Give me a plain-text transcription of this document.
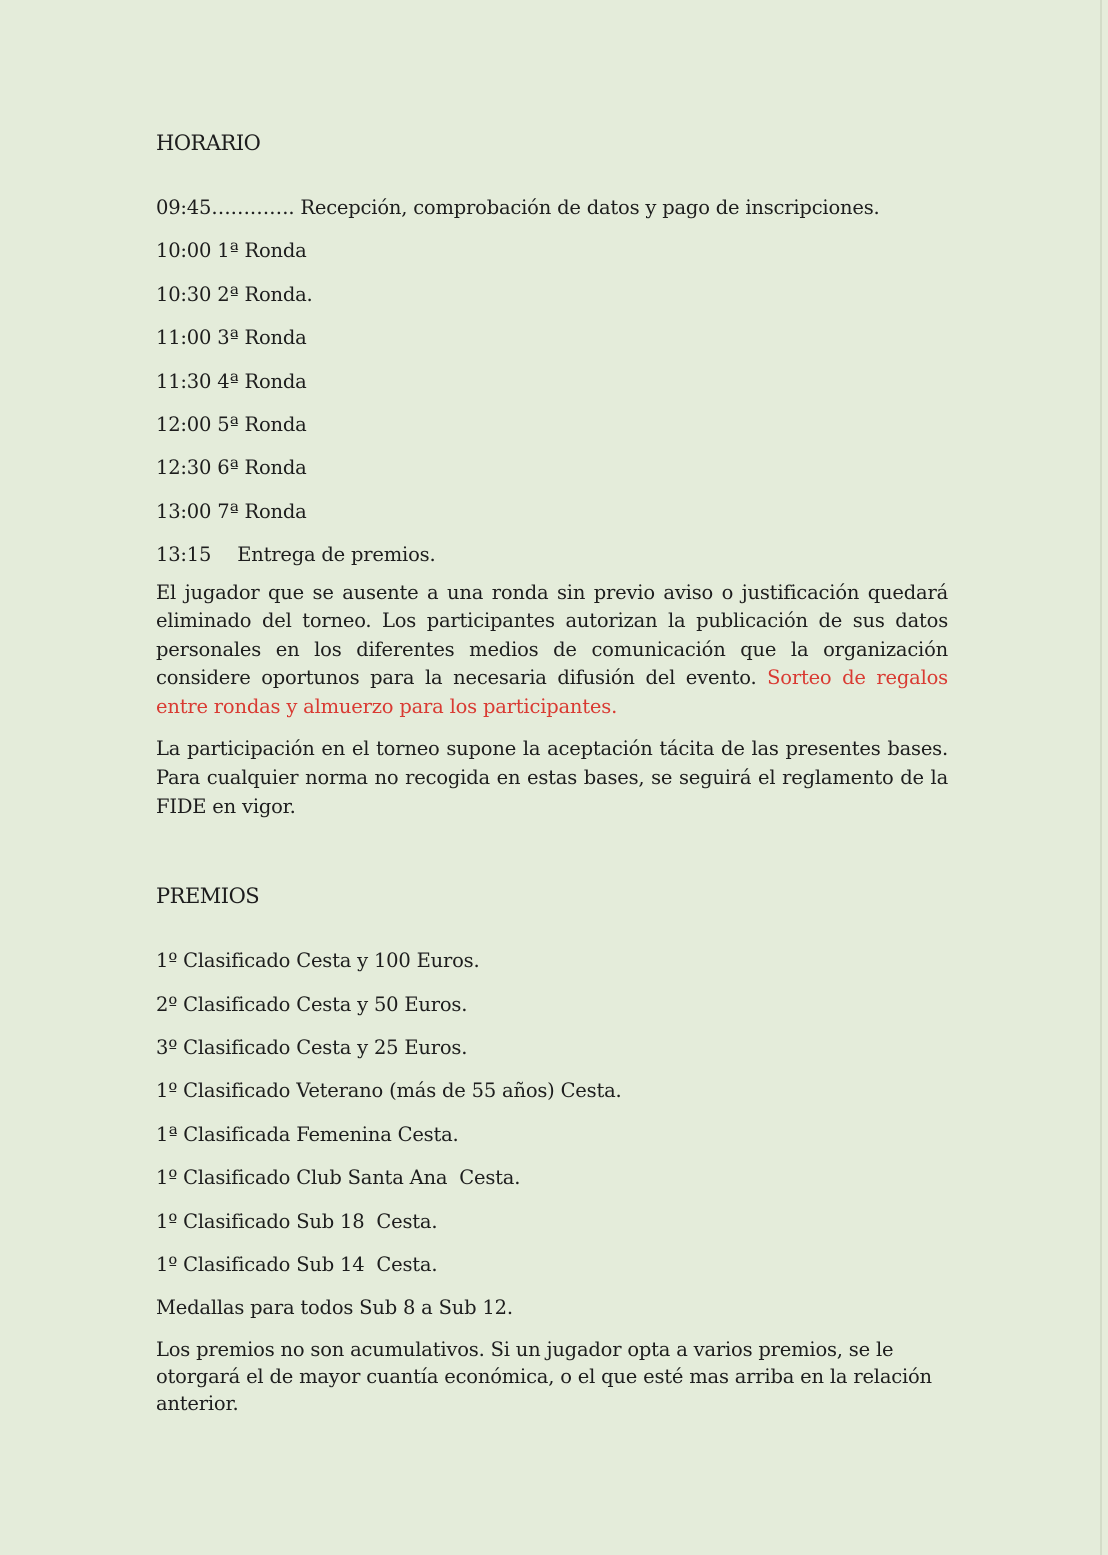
HORARIO
09:45…………. Recepción, comprobación de datos y pago de inscripciones.
10:00 1ª Ronda
10:30 2ª Ronda.
11:00 3ª Ronda
11:30 4ª Ronda
12:00 5ª Ronda
12:30 6ª Ronda
13:00 7ª Ronda
13:15 Entrega de premios.

El jugador que se ausente a una ronda sin previo aviso o justificación quedará eliminado del torneo. Los participantes autorizan la publicación de sus datos personales en los diferentes medios de comunicación que la organización considere oportunos para la necesaria difusión del evento. Sorteo de regalos entre rondas y almuerzo para los participantes.

La participación en el torneo supone la aceptación tácita de las presentes bases. Para cualquier norma no recogida en estas bases, se seguirá el reglamento de la FIDE en vigor.

PREMIOS
1º Clasificado Cesta y 100 Euros.
2º Clasificado Cesta y 50 Euros.
3º Clasificado Cesta y 25 Euros.
1º Clasificado Veterano (más de 55 años) Cesta.
1ª Clasificada Femenina Cesta.
1º Clasificado Club Santa Ana  Cesta.
1º Clasificado Sub 18  Cesta.
1º Clasificado Sub 14  Cesta.
Medallas para todos Sub 8 a Sub 12.

Los premios no son acumulativos. Si un jugador opta a varios premios, se le otorgará el de mayor cuantía económica, o el que esté mas arriba en la relación anterior.
